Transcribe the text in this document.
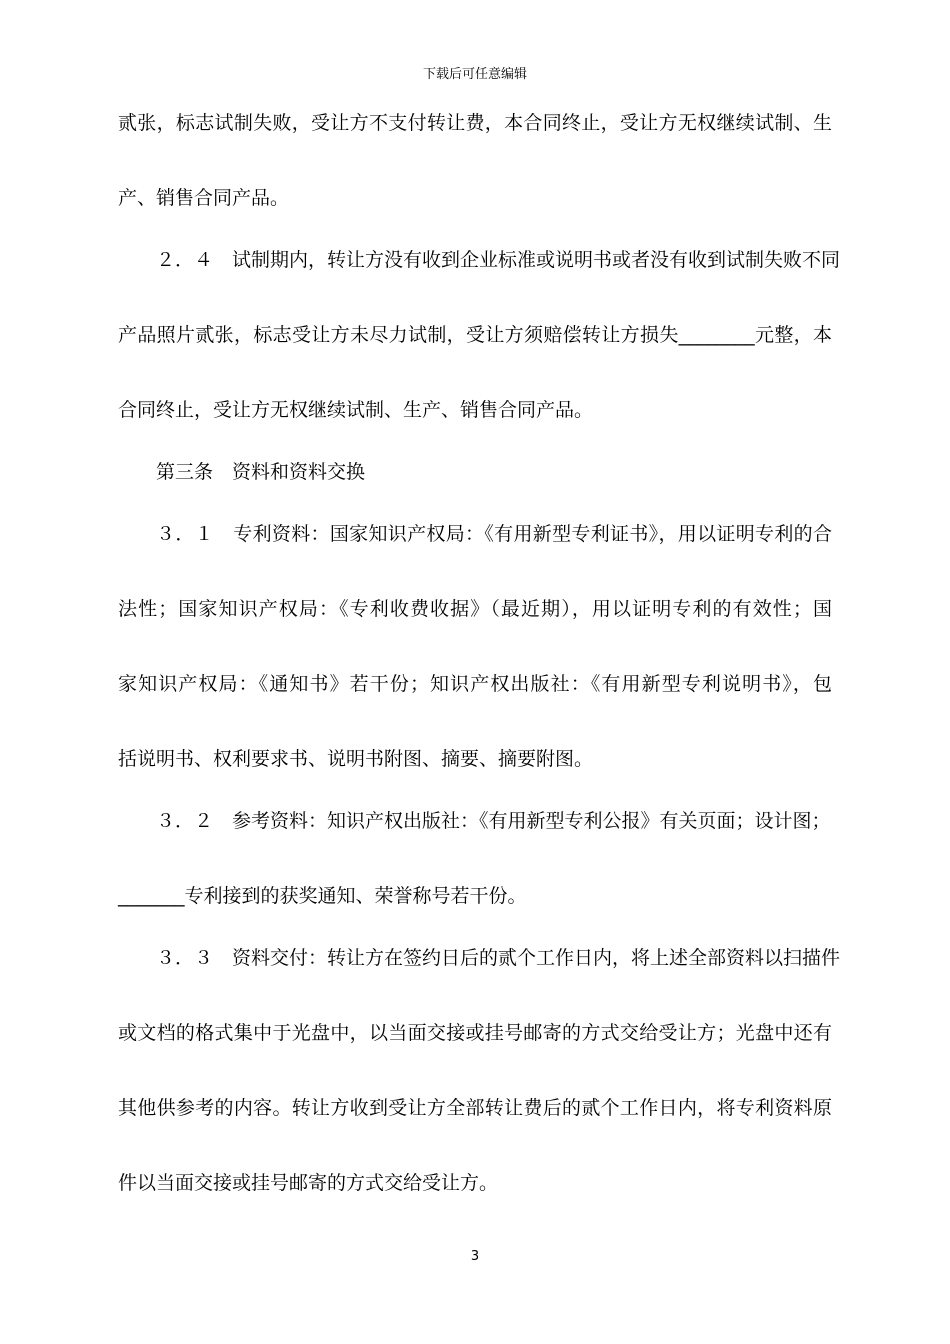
下载后可任意编辑
贰张，标志试制失败，受让方不支付转让费，本合同终止，受让方无权继续试制、生
产、销售合同产品。
２．４　试制期内，转让方没有收到企业标准或说明书或者没有收到试制失败不同
产品照片贰张，标志受让方未尽力试制，受让方须赔偿转让方损失________元整，本
合同终止，受让方无权继续试制、生产、销售合同产品。
第三条　资料和资料交换
３．１　专利资料：国家知识产权局：《有用新型专利证书》，用以证明专利的合
法性；国家知识产权局：《专利收费收据》（最近期），用以证明专利的有效性；国
家知识产权局：《通知书》若干份；知识产权出版社：《有用新型专利说明书》，包
括说明书、权利要求书、说明书附图、摘要、摘要附图。
３．２　参考资料：知识产权出版社：《有用新型专利公报》有关页面；设计图；
_______专利接到的获奖通知、荣誉称号若干份。
３．３　资料交付：转让方在签约日后的贰个工作日内，将上述全部资料以扫描件
或文档的格式集中于光盘中，以当面交接或挂号邮寄的方式交给受让方；光盘中还有
其他供参考的内容。转让方收到受让方全部转让费后的贰个工作日内，将专利资料原
件以当面交接或挂号邮寄的方式交给受让方。
3
